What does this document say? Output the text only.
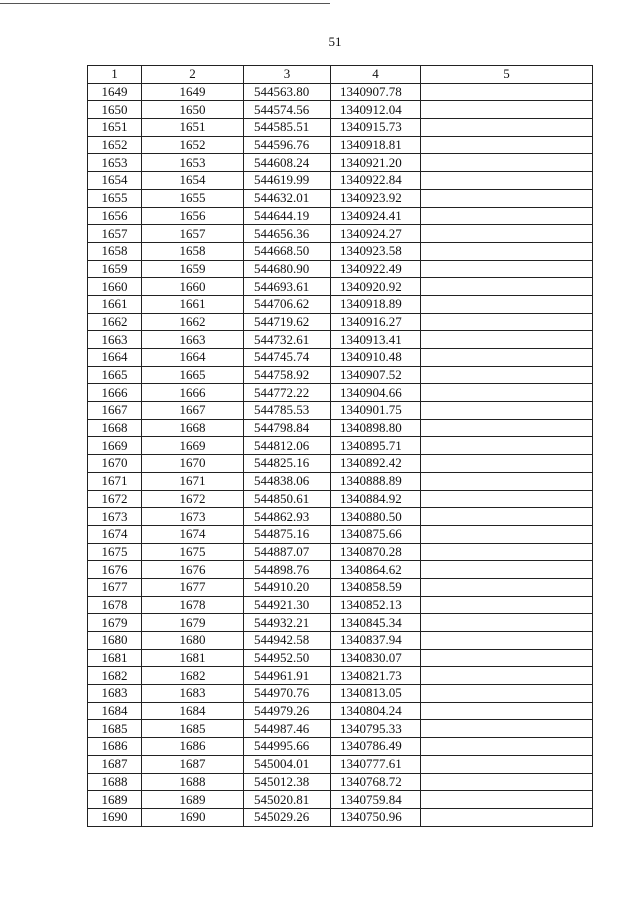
51
1	2	3	4	5
1649	1649	544563.80	1340907.78	
1650	1650	544574.56	1340912.04	
1651	1651	544585.51	1340915.73	
1652	1652	544596.76	1340918.81	
1653	1653	544608.24	1340921.20	
1654	1654	544619.99	1340922.84	
1655	1655	544632.01	1340923.92	
1656	1656	544644.19	1340924.41	
1657	1657	544656.36	1340924.27	
1658	1658	544668.50	1340923.58	
1659	1659	544680.90	1340922.49	
1660	1660	544693.61	1340920.92	
1661	1661	544706.62	1340918.89	
1662	1662	544719.62	1340916.27	
1663	1663	544732.61	1340913.41	
1664	1664	544745.74	1340910.48	
1665	1665	544758.92	1340907.52	
1666	1666	544772.22	1340904.66	
1667	1667	544785.53	1340901.75	
1668	1668	544798.84	1340898.80	
1669	1669	544812.06	1340895.71	
1670	1670	544825.16	1340892.42	
1671	1671	544838.06	1340888.89	
1672	1672	544850.61	1340884.92	
1673	1673	544862.93	1340880.50	
1674	1674	544875.16	1340875.66	
1675	1675	544887.07	1340870.28	
1676	1676	544898.76	1340864.62	
1677	1677	544910.20	1340858.59	
1678	1678	544921.30	1340852.13	
1679	1679	544932.21	1340845.34	
1680	1680	544942.58	1340837.94	
1681	1681	544952.50	1340830.07	
1682	1682	544961.91	1340821.73	
1683	1683	544970.76	1340813.05	
1684	1684	544979.26	1340804.24	
1685	1685	544987.46	1340795.33	
1686	1686	544995.66	1340786.49	
1687	1687	545004.01	1340777.61	
1688	1688	545012.38	1340768.72	
1689	1689	545020.81	1340759.84	
1690	1690	545029.26	1340750.96	
